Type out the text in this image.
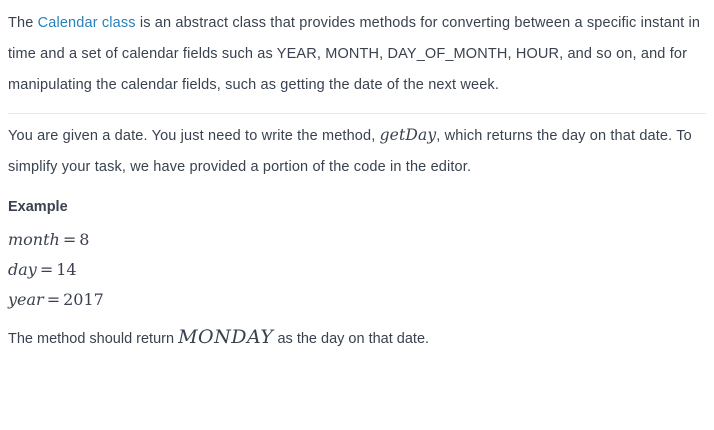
The Calendar class is an abstract class that provides methods for converting between a specific instant in time and a set of calendar fields such as YEAR, MONTH, DAY_OF_MONTH, HOUR, and so on, and for manipulating the calendar fields, such as getting the date of the next week.

You are given a date. You just need to write the method, getDay, which returns the day on that date. To simplify your task, we have provided a portion of the code in the editor.

Example
month = 8
day = 14
year = 2017

The method should return MONDAY as the day on that date.
